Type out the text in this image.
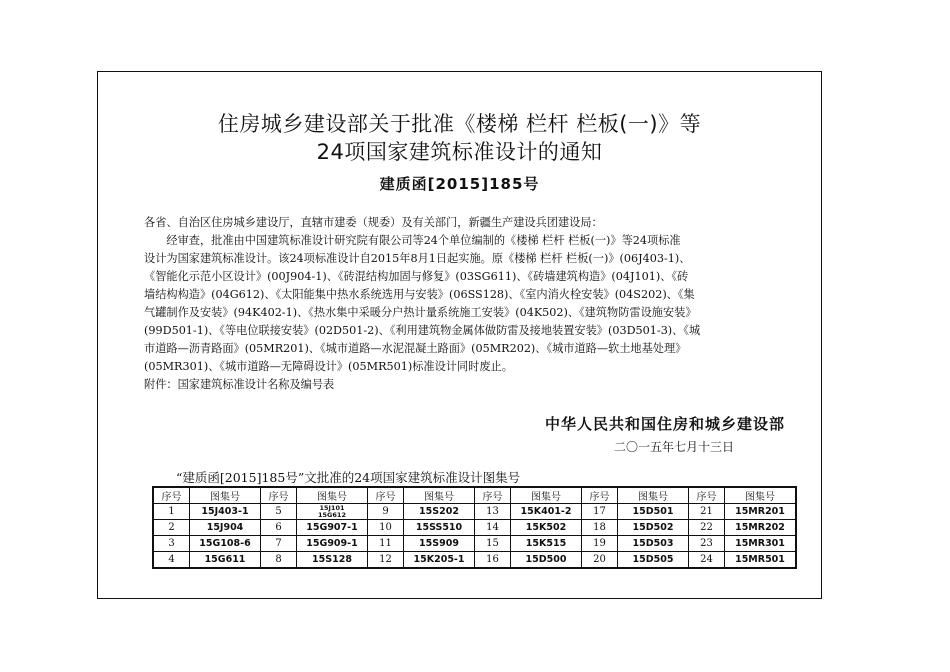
住房城乡建设部关于批准《楼梯 栏杆 栏板(一)》等
24项国家建筑标准设计的通知
建质函[2015]185号
各省、自治区住房城乡建设厅，直辖市建委（规委）及有关部门，新疆生产建设兵团建设局：
　　经审查，批准由中国建筑标准设计研究院有限公司等24个单位编制的《楼梯 栏杆 栏板(一)》等24项标准
设计为国家建筑标准设计。该24项标准设计自2015年8月1日起实施。原《楼梯 栏杆 栏板(一)》(06J403-1)、
《智能化示范小区设计》(00J904-1)、《砖混结构加固与修复》(03SG611)、《砖墙建筑构造》(04J101)、《砖
墙结构构造》(04G612)、《太阳能集中热水系统选用与安装》(06SS128)、《室内消火栓安装》(04S202)、《集
气罐制作及安装》(94K402-1)、《热水集中采暖分户热计量系统施工安装》(04K502)、《建筑物防雷设施安装》
(99D501-1)、《等电位联接安装》(02D501-2)、《利用建筑物金属体做防雷及接地装置安装》(03D501-3)、《城
市道路—沥青路面》(05MR201)、《城市道路—水泥混凝土路面》(05MR202)、《城市道路—软土地基处理》
(05MR301)、《城市道路—无障碍设计》(05MR501)标准设计同时废止。
附件：国家建筑标准设计名称及编号表
中华人民共和国住房和城乡建设部
二〇一五年七月十三日
“建质函[2015]185号”文批准的24项国家建筑标准设计图集号
序号	图集号	序号	图集号	序号	图集号	序号	图集号	序号	图集号	序号	图集号
1	15J403-1	5	15J101
15G612	9	15S202	13	15K401-2	17	15D501	21	15MR201
2	15J904	6	15G907-1	10	15SS510	14	15K502	18	15D502	22	15MR202
3	15G108-6	7	15G909-1	11	15S909	15	15K515	19	15D503	23	15MR301
4	15G611	8	15S128	12	15K205-1	16	15D500	20	15D505	24	15MR501
